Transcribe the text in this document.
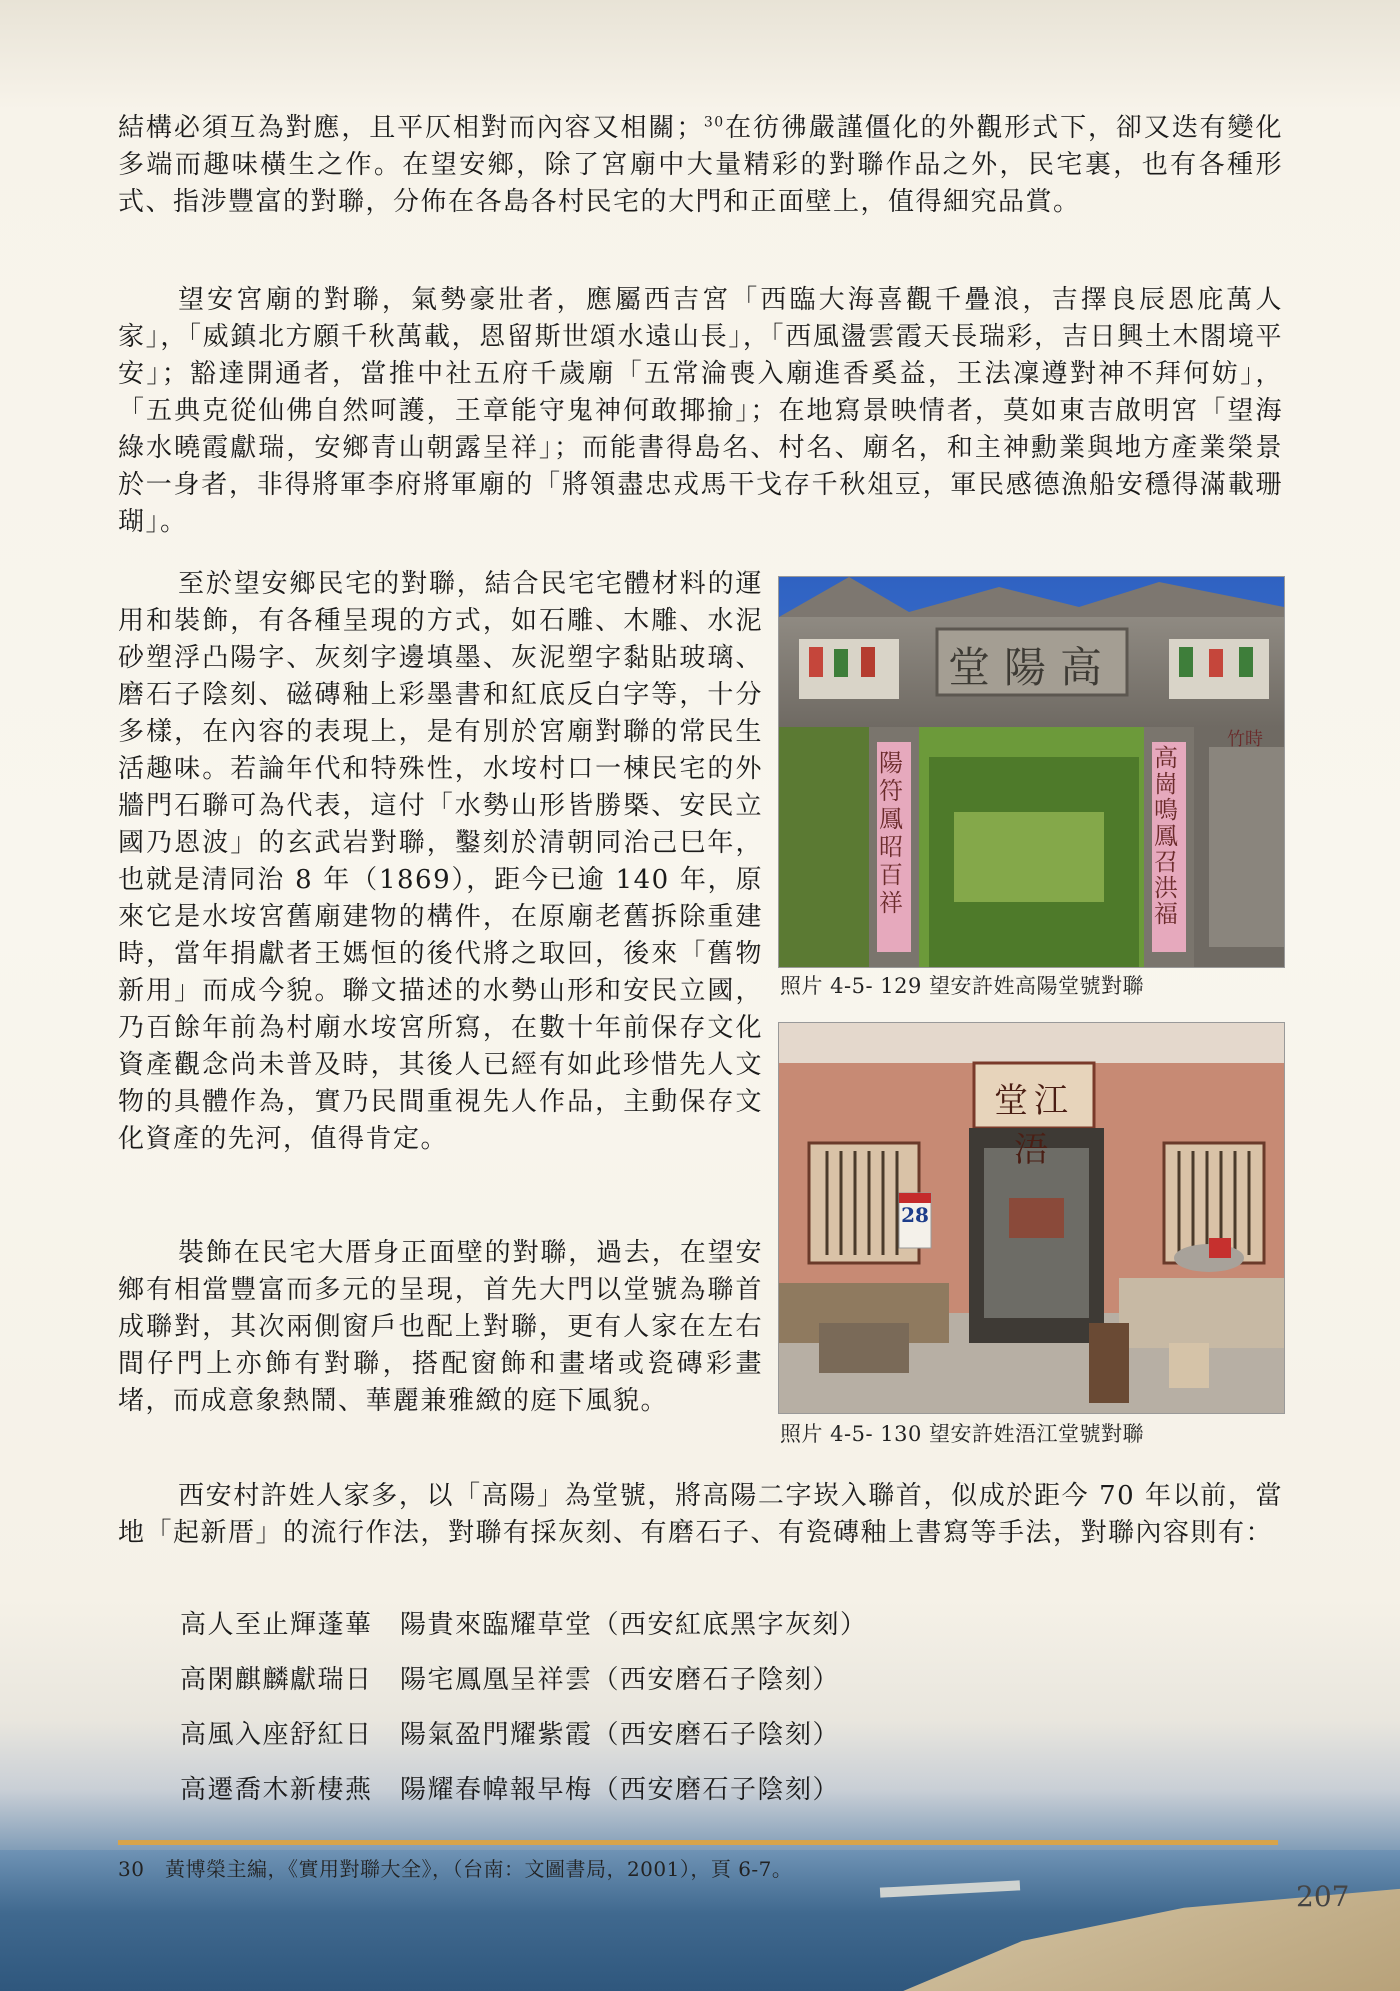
結構必須互為對應，且平仄相對而內容又相關；$^{30}$在彷彿嚴謹僵化的外觀形式下，卻又迭有變化多端而趣味橫生之作。在望安鄉，除了宮廟中大量精彩的對聯作品之外，民宅裏，也有各種形式、指涉豐富的對聯，分佈在各島各村民宅的大門和正面壁上，值得細究品賞。

望安宮廟的對聯，氣勢豪壯者，應屬西吉宮「西臨大海喜觀千疊浪，吉擇良辰恩庇萬人家」，「威鎮北方願千秋萬載，恩留斯世頌水遠山長」，「西風盪雲霞天長瑞彩，吉日興土木閤境平安」；豁達開通者，當推中社五府千歲廟「五常淪喪入廟進香奚益，王法凜遵對神不拜何妨」，「五典克從仙佛自然呵護，王章能守鬼神何敢揶揄」；在地寫景映情者，莫如東吉啟明宮「望海綠水曉霞獻瑞，安鄉青山朝露呈祥」；而能書得島名、村名、廟名，和主神勳業與地方產業榮景於一身者，非得將軍李府將軍廟的「將領盡忠戎馬干戈存千秋俎豆，軍民感德漁船安穩得滿載珊瑚」。

至於望安鄉民宅的對聯，結合民宅宅體材料的運用和裝飾，有各種呈現的方式，如石雕、木雕、水泥砂塑浮凸陽字、灰刻字邊填墨、灰泥塑字黏貼玻璃、磨石子陰刻、磁磚釉上彩墨書和紅底反白字等，十分多樣，在內容的表現上，是有別於宮廟對聯的常民生活趣味。若論年代和特殊性，水垵村口一棟民宅的外牆門石聯可為代表，這付「水勢山形皆勝槩、安民立國乃恩波」的玄武岩對聯，鑿刻於清朝同治己巳年，也就是清同治 8 年（1869），距今已逾 140 年，原來它是水垵宮舊廟建物的構件，在原廟老舊拆除重建時，當年捐獻者王媽恒的後代將之取回，後來「舊物新用」而成今貌。聯文描述的水勢山形和安民立國，乃百餘年前為村廟水垵宮所寫，在數十年前保存文化資產觀念尚未普及時，其後人已經有如此珍惜先人文物的具體作為，實乃民間重視先人作品，主動保存文化資產的先河，值得肯定。

裝飾在民宅大厝身正面壁的對聯，過去，在望安鄉有相當豐富而多元的呈現，首先大門以堂號為聯首成聯對，其次兩側窗戶也配上對聯，更有人家在左右間仔門上亦飾有對聯，搭配窗飾和畫堵或瓷磚彩畫堵，而成意象熱鬧、華麗兼雅緻的庭下風貌。

西安村許姓人家多，以「高陽」為堂號，將高陽二字崁入聯首，似成於距今 70 年以前，當地「起新厝」的流行作法，對聯有採灰刻、有磨石子、有瓷磚釉上書寫等手法，對聯內容則有：

堂陽高
陽符鳳昭百祥
高崗鳴鳳召洪福
竹時
照片 4-5- 129 望安許姓高陽堂號對聯
堂江浯
28
照片 4-5- 130 望安許姓浯江堂號對聯
高人至止輝蓬蓽　陽貴來臨耀草堂（西安紅底黑字灰刻）
高閑麒麟獻瑞日　陽宅鳳凰呈祥雲（西安磨石子陰刻）
高風入座舒紅日　陽氣盈門耀紫霞（西安磨石子陰刻）
高遷喬木新棲燕　陽耀春幃報早梅（西安磨石子陰刻）
30　黃博榮主編，《實用對聯大全》，（台南：文圖書局，2001），頁 6-7。
207
